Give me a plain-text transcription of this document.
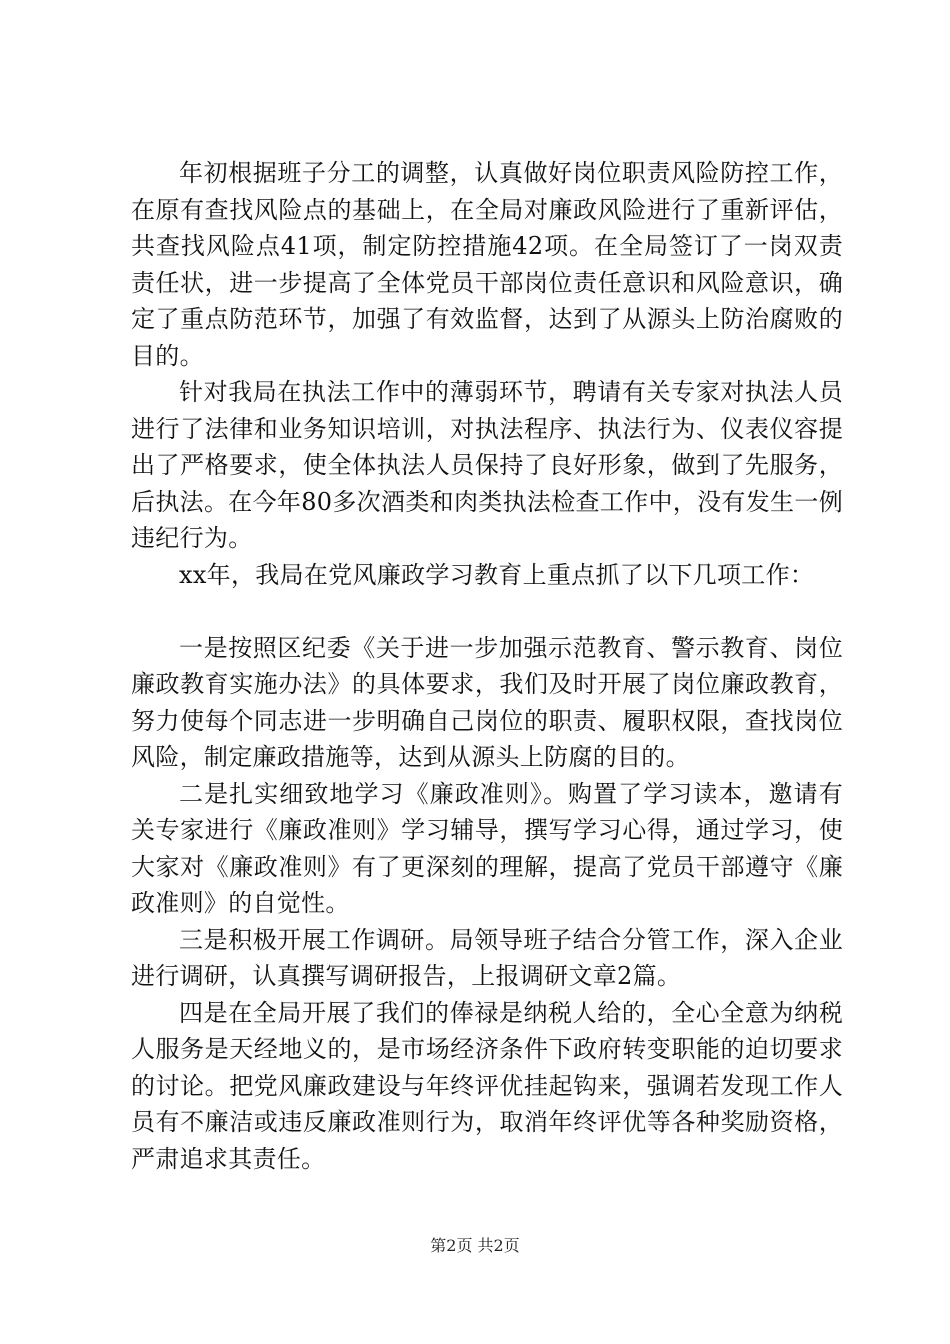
年初根据班子分工的调整，认真做好岗位职责风险防控工作，在原有查找风险点的基础上，在全局对廉政风险进行了重新评估，共查找风险点41项，制定防控措施42项。在全局签订了一岗双责责任状，进一步提高了全体党员干部岗位责任意识和风险意识，确定了重点防范环节，加强了有效监督，达到了从源头上防治腐败的目的。

针对我局在执法工作中的薄弱环节，聘请有关专家对执法人员进行了法律和业务知识培训，对执法程序、执法行为、仪表仪容提出了严格要求，使全体执法人员保持了良好形象，做到了先服务，后执法。在今年80多次酒类和肉类执法检查工作中，没有发生一例违纪行为。

xx年，我局在党风廉政学习教育上重点抓了以下几项工作：

一是按照区纪委《关于进一步加强示范教育、警示教育、岗位廉政教育实施办法》的具体要求，我们及时开展了岗位廉政教育，努力使每个同志进一步明确自己岗位的职责、履职权限，查找岗位风险，制定廉政措施等，达到从源头上防腐的目的。

二是扎实细致地学习《廉政准则》。购置了学习读本，邀请有关专家进行《廉政准则》学习辅导，撰写学习心得，通过学习，使大家对《廉政准则》有了更深刻的理解，提高了党员干部遵守《廉政准则》的自觉性。

三是积极开展工作调研。局领导班子结合分管工作，深入企业进行调研，认真撰写调研报告，上报调研文章2篇。

四是在全局开展了我们的俸禄是纳税人给的，全心全意为纳税人服务是天经地义的，是市场经济条件下政府转变职能的迫切要求的讨论。把党风廉政建设与年终评优挂起钩来，强调若发现工作人员有不廉洁或违反廉政准则行为，取消年终评优等各种奖励资格，严肃追求其责任。

第2页 共2页
